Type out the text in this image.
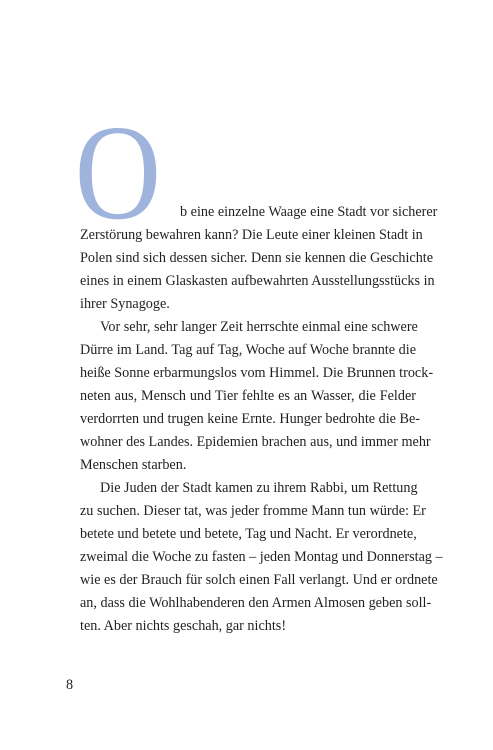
O	b eine einzelne Waage eine Stadt vor sicherer
Zerstörung bewahren kann? Die Leute einer kleinen Stadt in
Polen sind sich dessen sicher. Denn sie kennen die Geschichte
eines in einem Glaskasten aufbewahrten Ausstellungsstücks in
ihrer Synagoge.
Vor sehr, sehr langer Zeit herrschte einmal eine schwere
Dürre im Land. Tag auf Tag, Woche auf Woche brannte die
heiße Sonne erbarmungslos vom Himmel. Die Brunnen trock-
neten aus, Mensch und Tier fehlte es an Wasser, die Felder
verdorrten und trugen keine Ernte. Hunger bedrohte die Be-
wohner des Landes. Epidemien brachen aus, und immer mehr
Menschen starben.
Die Juden der Stadt kamen zu ihrem Rabbi, um Rettung
zu suchen. Dieser tat, was jeder fromme Mann tun würde: Er
betete und betete und betete, Tag und Nacht. Er verordnete,
zweimal die Woche zu fasten – jeden Montag und Donnerstag –
wie es der Brauch für solch einen Fall verlangt. Und er ordnete
an, dass die Wohlhabenderen den Armen Almosen geben soll-
ten. Aber nichts geschah, gar nichts!
8
